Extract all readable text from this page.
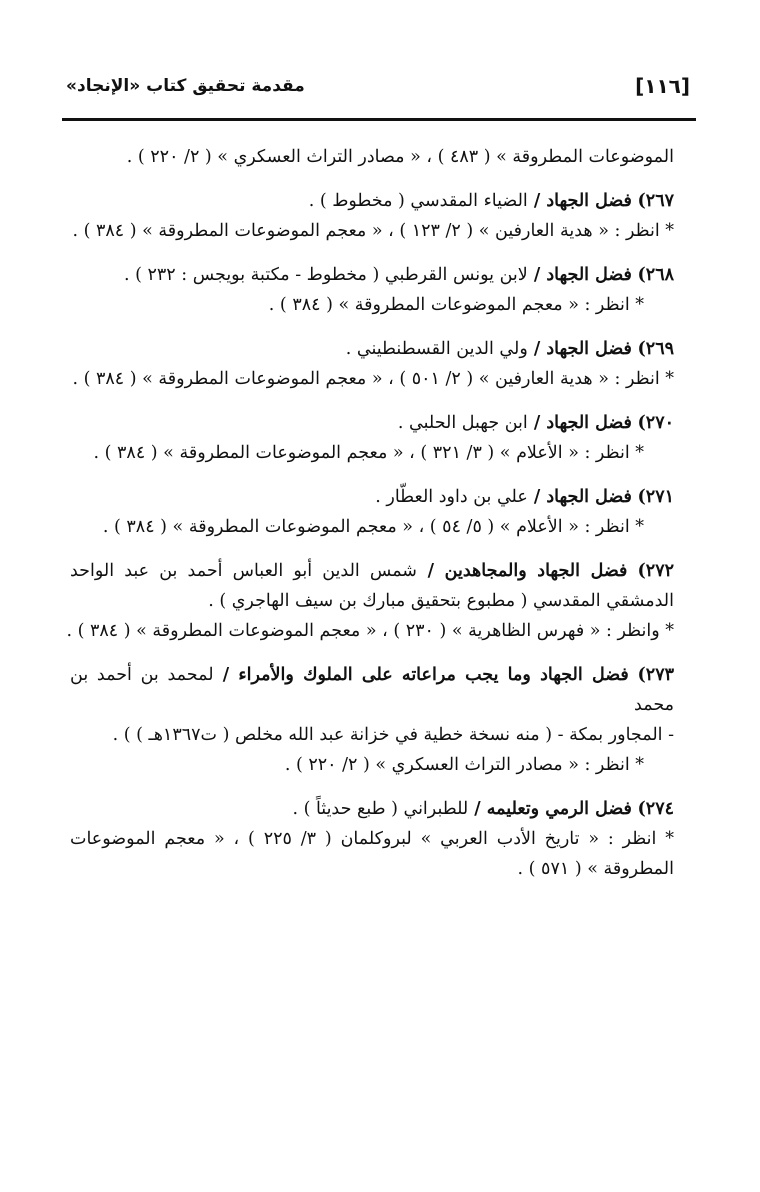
[١١٦]
مقدمة تحقيق كتاب «الإنجاد»
الموضوعات المطروقة » ( ٤٨٣ ) ، « مصادر التراث العسكري » ( ٢/ ٢٢٠ ) .
٢٦٧) فضل الجهاد / الضياء المقدسي ( مخطوط ) .
* انظر : « هدية العارفين » ( ٢/ ١٢٣ ) ، « معجم الموضوعات المطروقة » ( ٣٨٤ ) .
٢٦٨) فضل الجهاد / لابن يونس القرطبي ( مخطوط - مكتبة بويجس : ٢٣٢ ) .
* انظر : « معجم الموضوعات المطروقة » ( ٣٨٤ ) .
٢٦٩) فضل الجهاد / ولي الدين القسطنطيني .
* انظر : « هدية العارفين » ( ٢/ ٥٠١ ) ، « معجم الموضوعات المطروقة » ( ٣٨٤ ) .
٢٧٠) فضل الجهاد / ابن جهبل الحلبي .
* انظر : « الأعلام » ( ٣/ ٣٢١ ) ، « معجم الموضوعات المطروقة » ( ٣٨٤ ) .
٢٧١) فضل الجهاد / علي بن داود العطّار .
* انظر : « الأعلام » ( ٥/ ٥٤ ) ، « معجم الموضوعات المطروقة » ( ٣٨٤ ) .
٢٧٢) فضل الجهاد والمجاهدين / شمس الدين أبو العباس أحمد بن عبد الواحد
الدمشقي المقدسي ( مطبوع بتحقيق مبارك بن سيف الهاجري ) .
* وانظر : « فهرس الظاهرية » ( ٢٣٠ ) ، « معجم الموضوعات المطروقة » ( ٣٨٤ ) .
٢٧٣) فضل الجهاد وما يجب مراعاته على الملوك والأمراء / لمحمد بن أحمد بن محمد
- المجاور بمكة - ( منه نسخة خطية في خزانة عبد الله مخلص ( ت١٣٦٧هـ ) ) .
* انظر : « مصادر التراث العسكري » ( ٢/ ٢٢٠ ) .
٢٧٤) فضل الرمي وتعليمه / للطبراني ( طبع حديثاً ) .
* انظر : « تاريخ الأدب العربي » لبروكلمان ( ٣/ ٢٢٥ ) ، « معجم الموضوعات
المطروقة » ( ٥٧١ ) .
